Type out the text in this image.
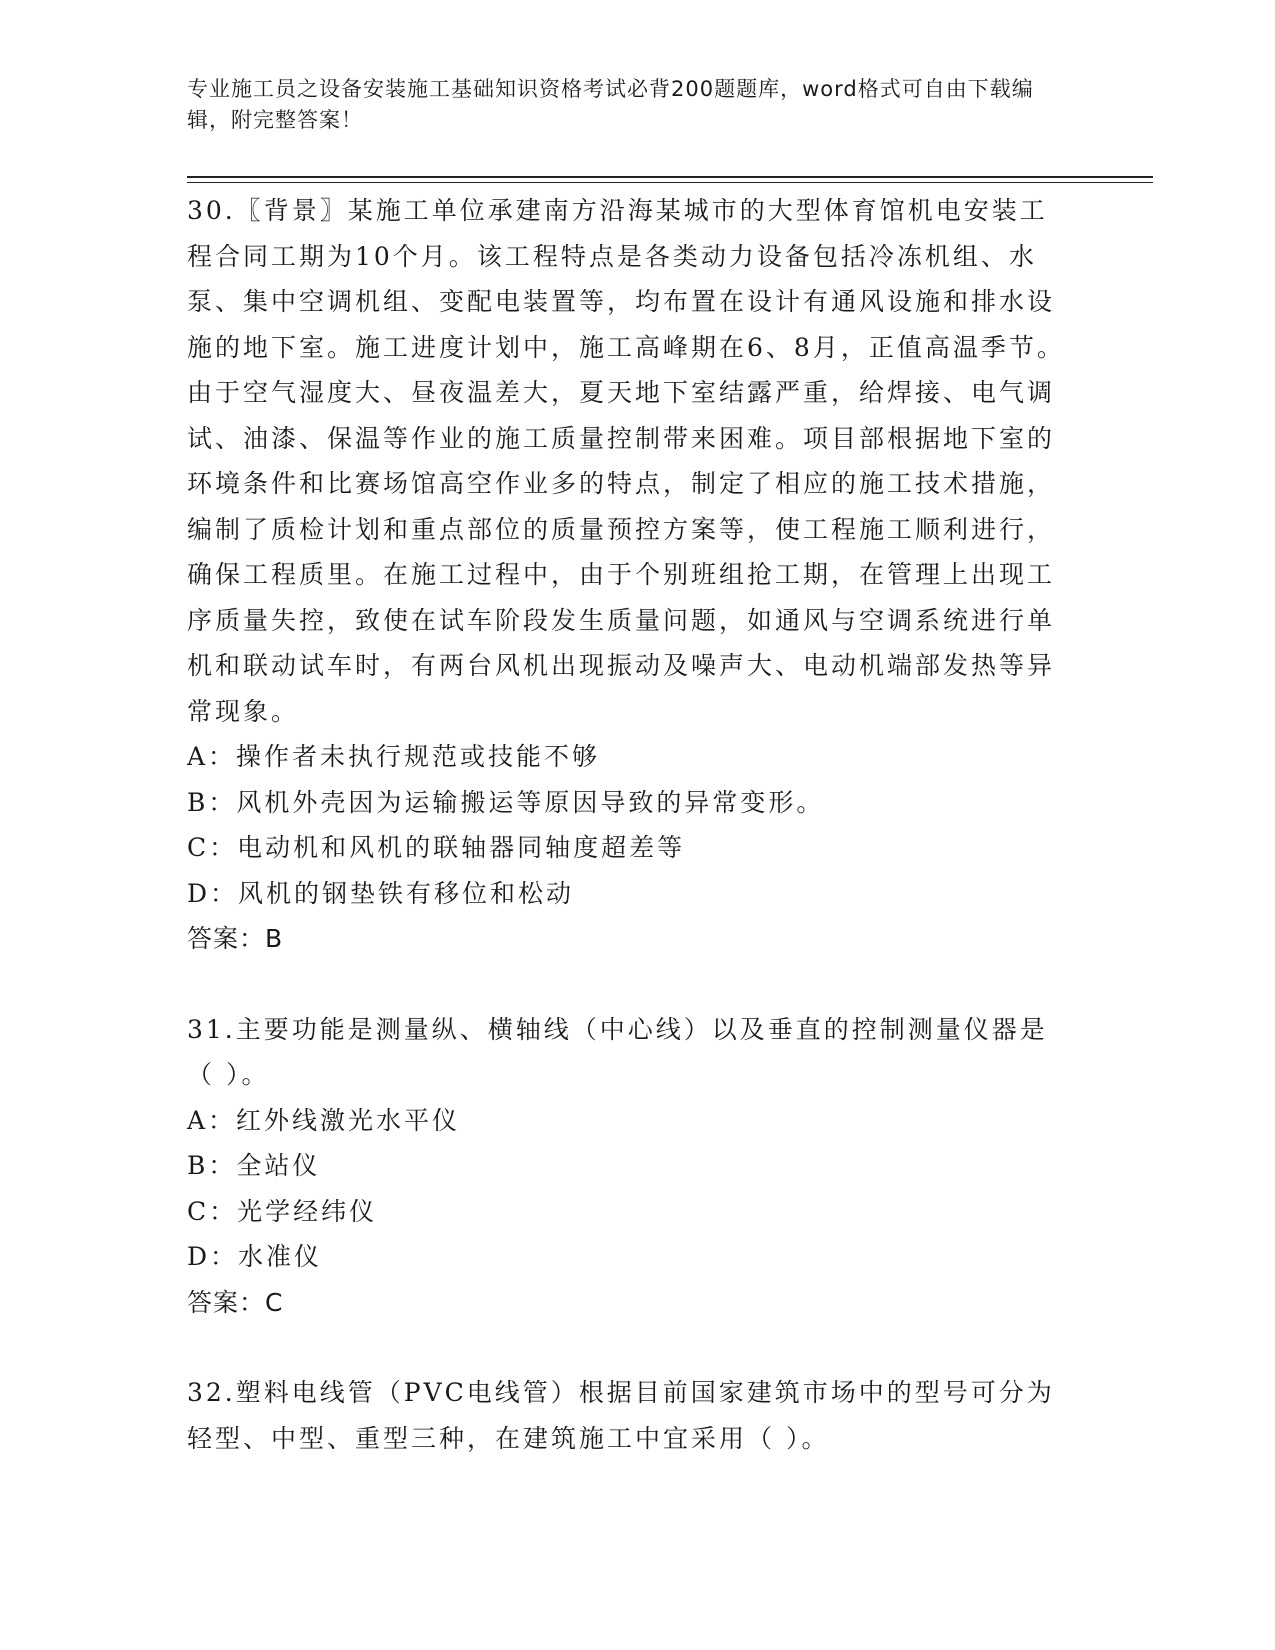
专业施工员之设备安装施工基础知识资格考试必背200题题库，word格式可自由下载编辑，附完整答案！

30.〖背景〗某施工单位承建南方沿海某城市的大型体育馆机电安装工程合同工期为10个月。该工程特点是各类动力设备包括冷冻机组、水泵、集中空调机组、变配电装置等，均布置在设计有通风设施和排水设施的地下室。施工进度计划中，施工高峰期在6、8月，正值高温季节。由于空气湿度大、昼夜温差大，夏天地下室结露严重，给焊接、电气调试、油漆、保温等作业的施工质量控制带来困难。项目部根据地下室的环境条件和比赛场馆高空作业多的特点，制定了相应的施工技术措施，编制了质检计划和重点部位的质量预控方案等，使工程施工顺利进行，确保工程质里。在施工过程中，由于个别班组抢工期，在管理上出现工序质量失控，致使在试车阶段发生质量问题，如通风与空调系统进行单机和联动试车时，有两台风机出现振动及噪声大、电动机端部发热等异常现象。

A：操作者未执行规范或技能不够

B：风机外壳因为运输搬运等原因导致的异常变形。

C：电动机和风机的联轴器同轴度超差等

D：风机的钢垫铁有移位和松动

答案：B

31.主要功能是测量纵、横轴线（中心线）以及垂直的控制测量仪器是（ ）。

A：红外线激光水平仪

B：全站仪

C：光学经纬仪

D：水准仪

答案：C

32.塑料电线管（PVC电线管）根据目前国家建筑市场中的型号可分为轻型、中型、重型三种，在建筑施工中宜采用（ ）。
